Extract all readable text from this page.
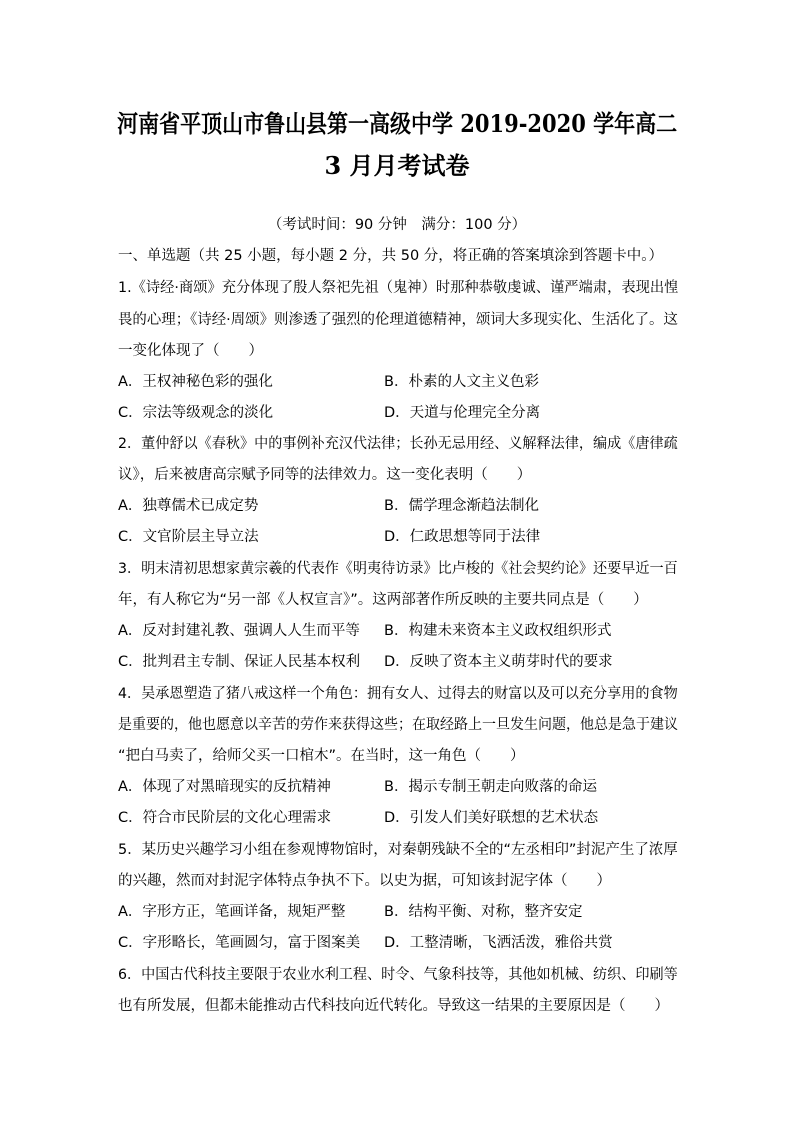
河南省平顶山市鲁山县第一高级中学 2019-2020 学年高二
3 月月考试卷
（考试时间：90 分钟　满分：100 分）
一、单选题（共 25 小题，每小题 2 分，共 50 分，将正确的答案填涂到答题卡中。）
1.《诗经·商颂》充分体现了殷人祭祀先祖（鬼神）时那种恭敬虔诚、谨严端肃，表现出惶
畏的心理；《诗经·周颂》则渗透了强烈的伦理道德精神，颂词大多现实化、生活化了。这
一变化体现了（　　）
A．王权神秘色彩的强化	B．朴素的人文主义色彩
C．宗法等级观念的淡化	D．天道与伦理完全分离
2．董仲舒以《春秋》中的事例补充汉代法律；长孙无忌用经、义解释法律，编成《唐律疏
议》，后来被唐高宗赋予同等的法律效力。这一变化表明（　　）
A．独尊儒术已成定势	B．儒学理念渐趋法制化
C．文官阶层主导立法	D．仁政思想等同于法律
3．明末清初思想家黄宗羲的代表作《明夷待访录》比卢梭的《社会契约论》还要早近一百
年，有人称它为“另一部《人权宣言》”。这两部著作所反映的主要共同点是（　　）
A．反对封建礼教、强调人人生而平等 B．构建未来资本主义政权组织形式
C．批判君主专制、保证人民基本权利 D．反映了资本主义萌芽时代的要求
4．吴承恩塑造了猪八戒这样一个角色：拥有女人、过得去的财富以及可以充分享用的食物
是重要的，他也愿意以辛苦的劳作来获得这些；在取经路上一旦发生问题，他总是急于建议
“把白马卖了，给师父买一口棺木”。在当时，这一角色（　　）
A．体现了对黑暗现实的反抗精神	B．揭示专制王朝走向败落的命运
C．符合市民阶层的文化心理需求	D．引发人们美好联想的艺术状态
5．某历史兴趣学习小组在参观博物馆时，对秦朝残缺不全的“左丞相印”封泥产生了浓厚
的兴趣，然而对封泥字体特点争执不下。以史为据，可知该封泥字体（　　）
A．字形方正，笔画详备，规矩严整	B．结构平衡、对称，整齐安定
C．字形略长，笔画圆匀，富于图案美 D．工整清晰，飞洒活泼，雅俗共赏
6．中国古代科技主要限于农业水利工程、时令、气象科技等，其他如机械、纺织、印刷等
也有所发展，但都未能推动古代科技向近代转化。导致这一结果的主要原因是（　　）
